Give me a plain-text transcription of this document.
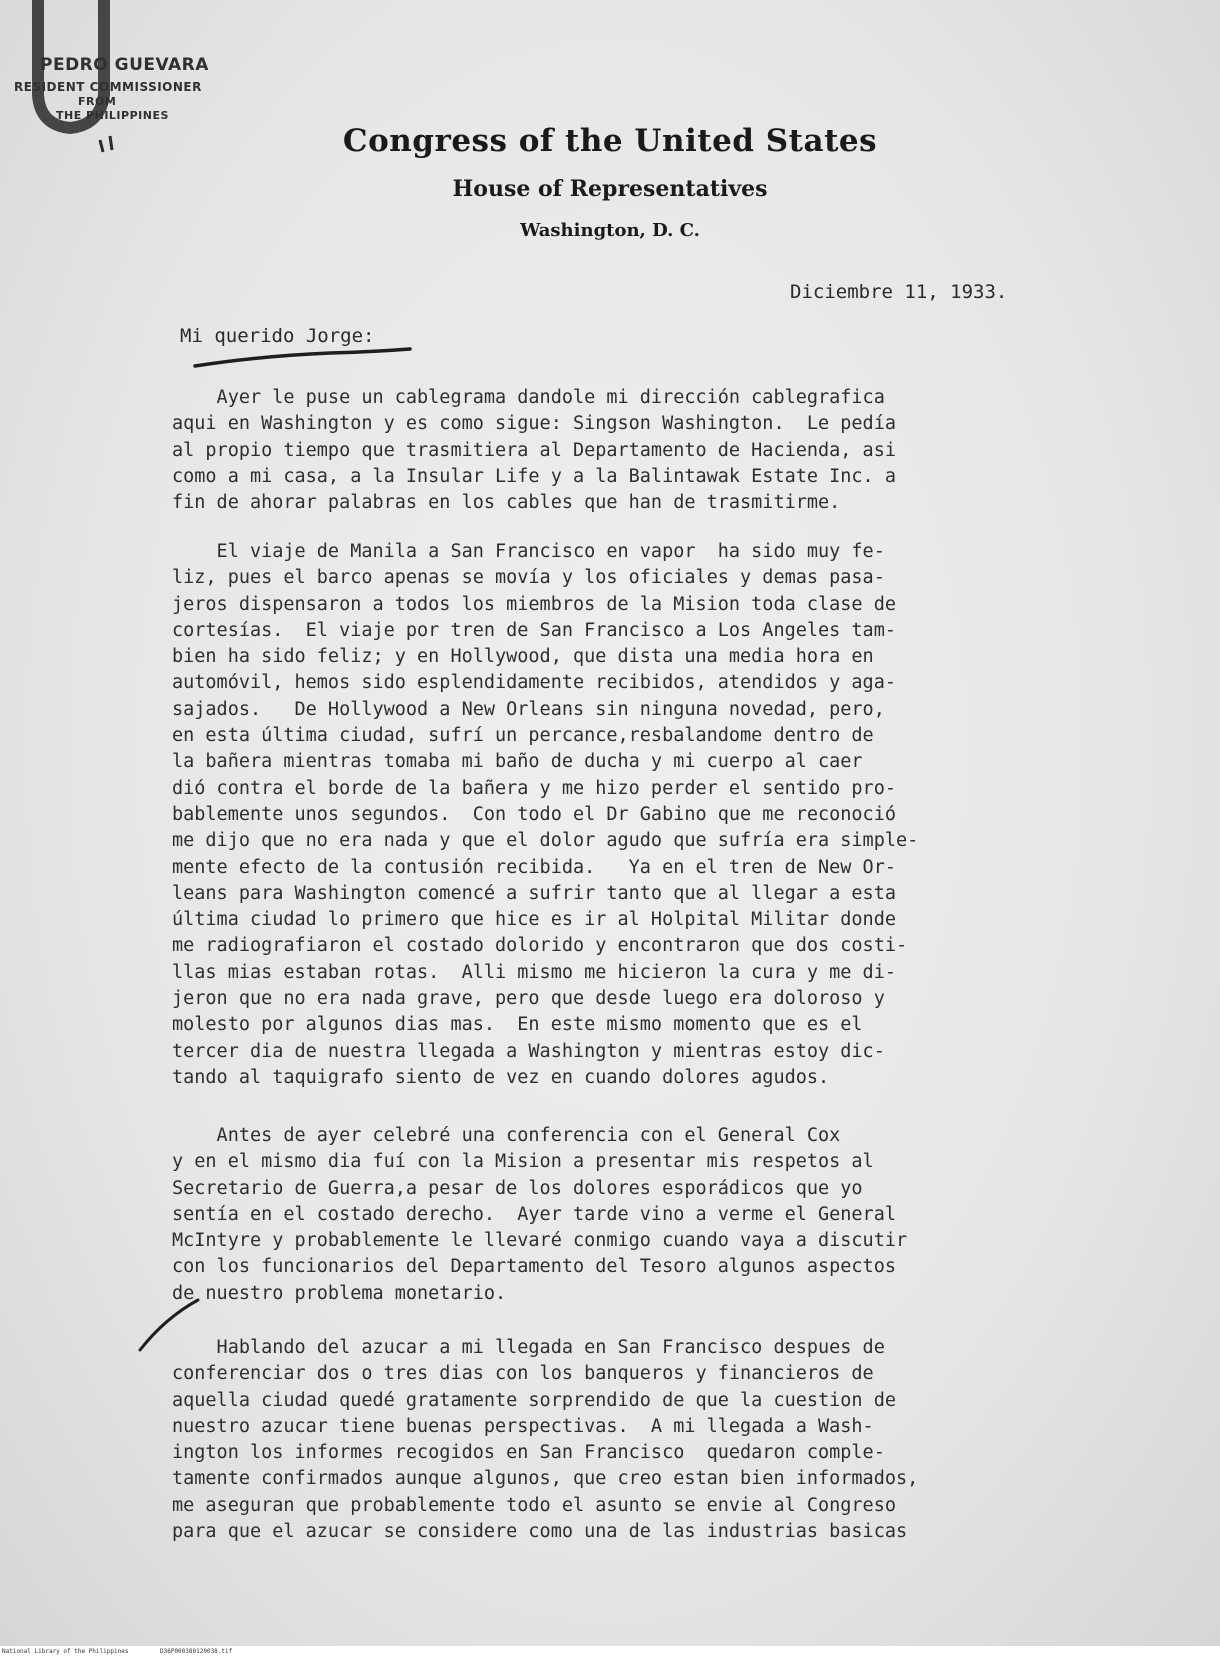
PEDRO GUEVARA
RESIDENT COMMISSIONER
FROM
THE PHILIPPINES
Congress of the United States
House of Representatives
Washington, D. C.
Diciembre 11, 1933.
Mi querido Jorge:
Ayer le puse un cablegrama dandole mi dirección cablegrafica
aqui en Washington y es como sigue: Singson Washington.  Le pedía
al propio tiempo que trasmitiera al Departamento de Hacienda, asi
como a mi casa, a la Insular Life y a la Balintawak Estate Inc. a
fin de ahorar palabras en los cables que han de trasmitirme.
El viaje de Manila a San Francisco en vapor  ha sido muy fe-
liz, pues el barco apenas se movía y los oficiales y demas pasa-
jeros dispensaron a todos los miembros de la Mision toda clase de
cortesías.  El viaje por tren de San Francisco a Los Angeles tam-
bien ha sido feliz; y en Hollywood, que dista una media hora en
automóvil, hemos sido esplendidamente recibidos, atendidos y aga-
sajados.   De Hollywood a New Orleans sin ninguna novedad, pero,
en esta última ciudad, sufrí un percance,resbalandome dentro de
la bañera mientras tomaba mi baño de ducha y mi cuerpo al caer
dió contra el borde de la bañera y me hizo perder el sentido pro-
bablemente unos segundos.  Con todo el Dr Gabino que me reconoció
me dijo que no era nada y que el dolor agudo que sufría era simple-
mente efecto de la contusión recibida.   Ya en el tren de New Or-
leans para Washington comencé a sufrir tanto que al llegar a esta
última ciudad lo primero que hice es ir al Holpital Militar donde
me radiografiaron el costado dolorido y encontraron que dos costi-
llas mias estaban rotas.  Alli mismo me hicieron la cura y me di-
jeron que no era nada grave, pero que desde luego era doloroso y
molesto por algunos dias mas.  En este mismo momento que es el
tercer dia de nuestra llegada a Washington y mientras estoy dic-
tando al taquigrafo siento de vez en cuando dolores agudos.
Antes de ayer celebré una conferencia con el General Cox
y en el mismo dia fuí con la Mision a presentar mis respetos al
Secretario de Guerra,a pesar de los dolores esporádicos que yo
sentía en el costado derecho.  Ayer tarde vino a verme el General
McIntyre y probablemente le llevaré conmigo cuando vaya a discutir
con los funcionarios del Departamento del Tesoro algunos aspectos
de nuestro problema monetario.
Hablando del azucar a mi llegada en San Francisco despues de
conferenciar dos o tres dias con los banqueros y financieros de
aquella ciudad quedé gratamente sorprendido de que la cuestion de
nuestro azucar tiene buenas perspectivas.  A mi llegada a Wash-
ington los informes recogidos en San Francisco  quedaron comple-
tamente confirmados aunque algunos, que creo estan bien informados,
me aseguran que probablemente todo el asunto se envie al Congreso
para que el azucar se considere como una de las industrias basicas

National Library of the Philippines

	D36P000380120038.tif
